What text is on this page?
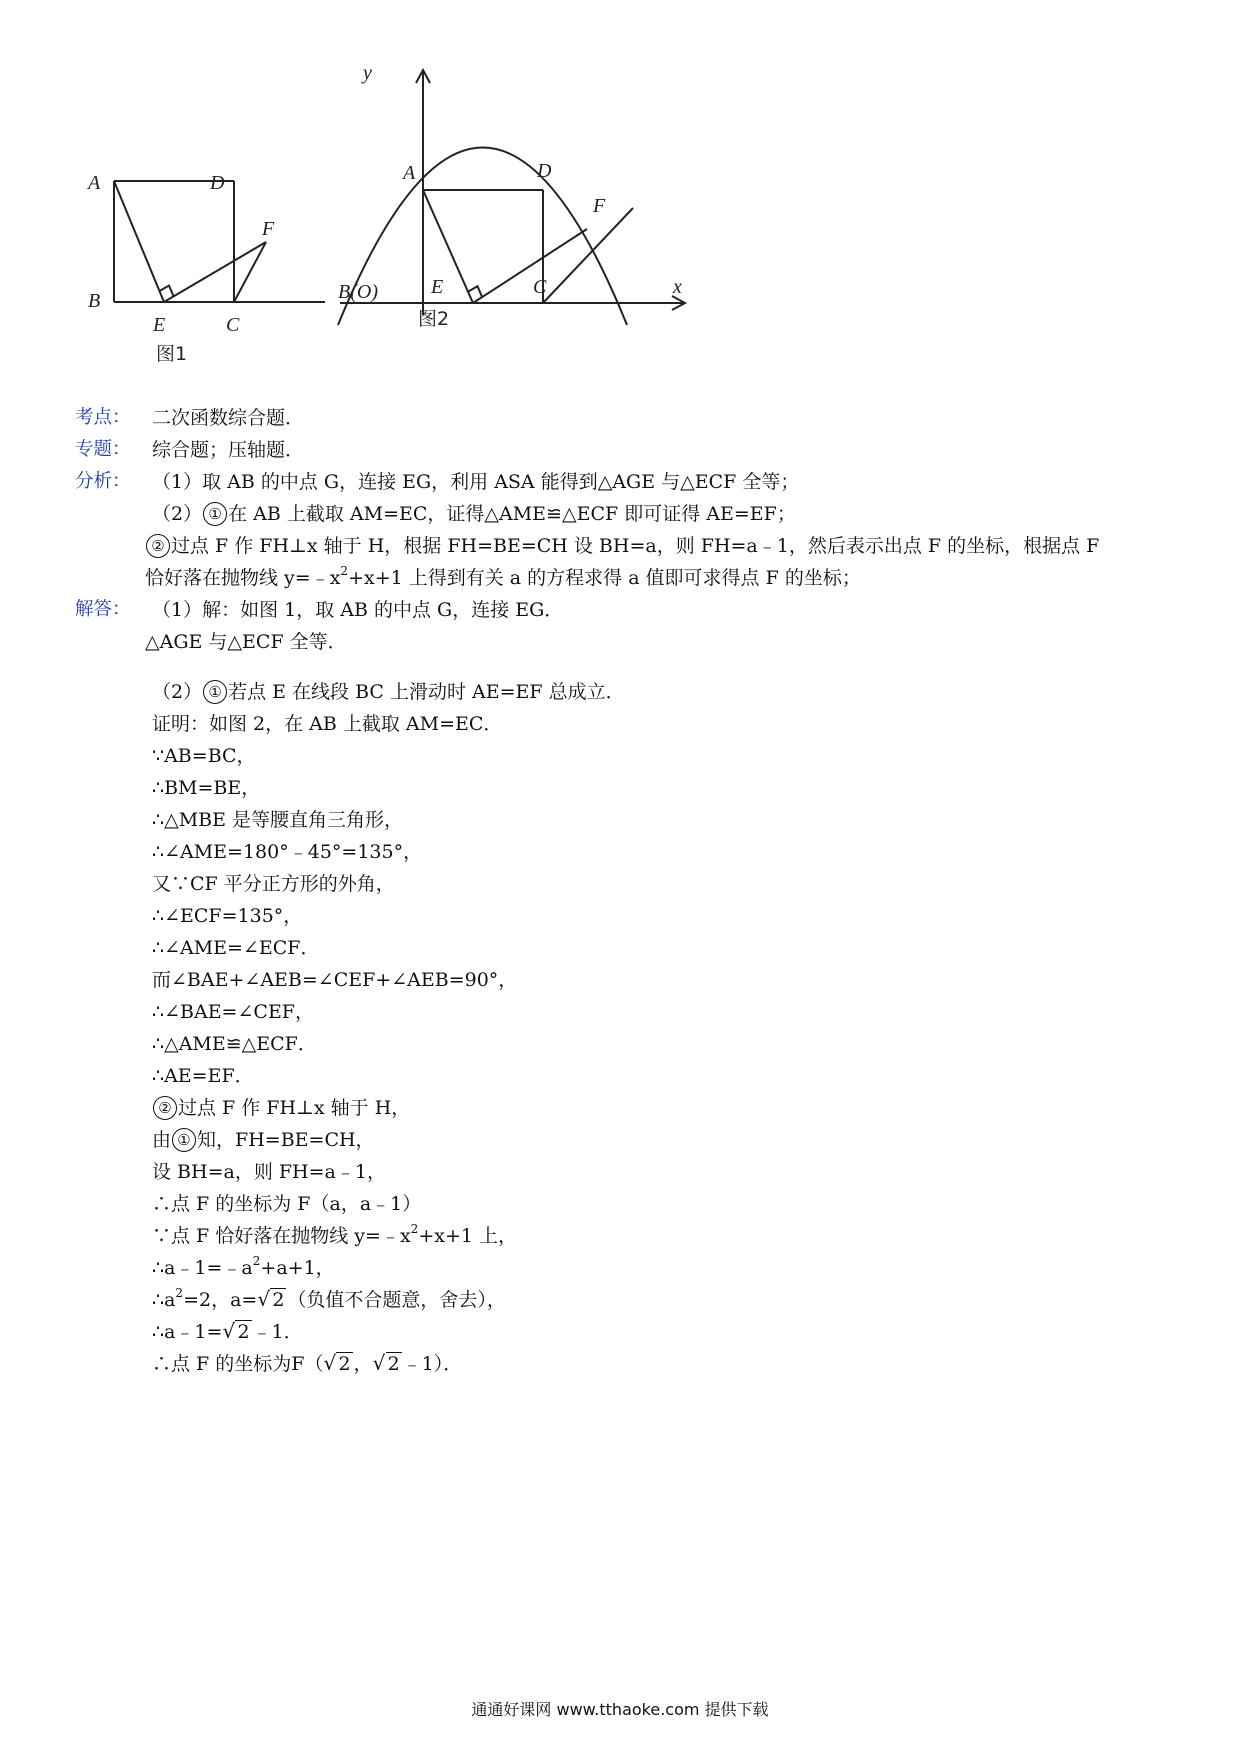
A	D
F
B
E	C
图1
y
A	D
F
B(O)	E	C	x
图2
考点：	二次函数综合题．
专题：	综合题；压轴题．
分析：	（1）取 AB 的中点 G，连接 EG，利用 ASA 能得到△AGE 与△ECF 全等；
（2） ① 在 AB 上截取 AM=EC，证得△AME≌△ECF 即可证得 AE=EF；
② 过点 F 作 FH⊥x 轴于 H，根据 FH=BE=CH 设 BH=a，则 FH=a﹣1，然后表示出点 F 的坐标，根据点 F
恰好落在抛物线 $y=﹣x^2+x+1$ 上得到有关 a 的方程求得 a 值即可求得点 F 的坐标；
解答：	（1）解：如图 1，取 AB 的中点 G，连接 EG．
△AGE 与△ECF 全等．
（2） ① 若点 E 在线段 BC 上滑动时 AE=EF 总成立．
证明：如图 2，在 AB 上截取 AM=EC．
∵AB=BC，
∴BM=BE，
∴△MBE 是等腰直角三角形，
∴∠AME=180°﹣45°=135°，
又∵CF 平分正方形的外角，
∴∠ECF=135°，
∴∠AME=∠ECF．
而∠BAE+∠AEB=∠CEF+∠AEB=90°，
∴∠BAE=∠CEF，
∴△AME≌△ECF．
∴AE=EF．
② 过点 F 作 FH⊥x 轴于 H，
由 ① 知，FH=BE=CH，
设 BH=a，则 FH=a﹣1，
∴点 F 的坐标为 F（a，a﹣1）
∵点 F 恰好落在抛物线 $y=﹣x^2+x+1$ 上，
$\therefore a﹣1=﹣a^2+a+1$，
$\therefore a^2=2$，a= √ 2 （负值不合题意，舍去），
∴a﹣1= √ 2 ﹣1．
∴点 F 的坐标为F（ √ 2 ， √ 2 ﹣1）．
通通好课网 www.tthaoke.com 提供下载
